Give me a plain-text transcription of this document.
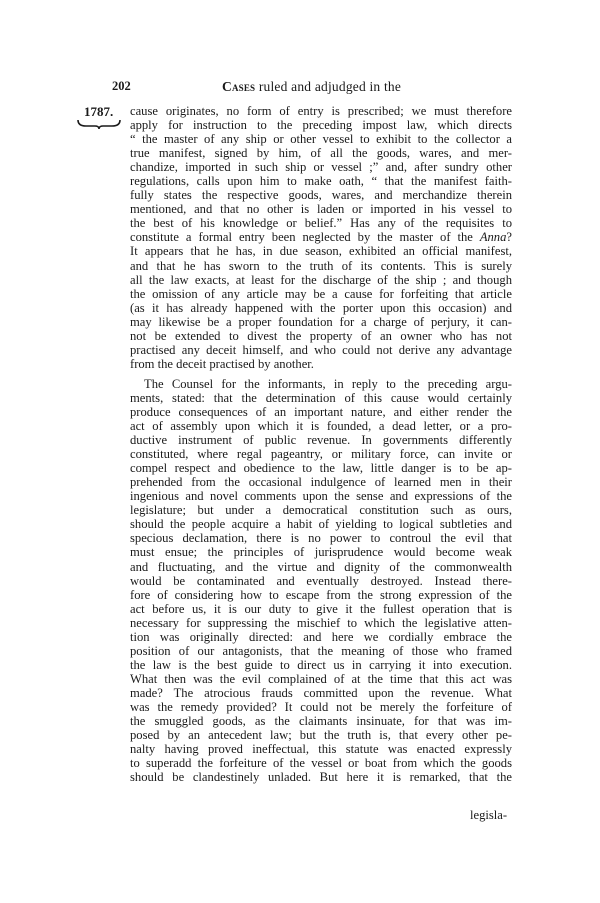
202	Cases ruled and adjudged in the
1787. cause originates, no form of entry is prescribed; we must therefore
apply for instruction to the preceding impost law, which directs
“ the master of any ship or other vessel to exhibit to the collector a
true manifest, signed by him, of all the goods, wares, and mer-
chandize, imported in such ship or vessel ;” and, after sundry other
regulations, calls upon him to make oath, “ that the manifest faith-
fully states the respective goods, wares, and merchandize therein
mentioned, and that no other is laden or imported in his vessel to
the best of his knowledge or belief.” Has any of the requisites to
constitute a formal entry been neglected by the master of the Anna?
It appears that he has, in due season, exhibited an official manifest,
and that he has sworn to the truth of its contents. This is surely
all the law exacts, at least for the discharge of the ship ; and though
the omission of any article may be a cause for forfeiting that article
(as it has already happened with the porter upon this occasion) and
may likewise be a proper foundation for a charge of perjury, it can-
not be extended to divest the property of an owner who has not
practised any deceit himself, and who could not derive any advantage
from the deceit practised by another.
The Counsel for the informants, in reply to the preceding argu-
ments, stated: that the determination of this cause would certainly
produce consequences of an important nature, and either render the
act of assembly upon which it is founded, a dead letter, or a pro-
ductive instrument of public revenue. In governments differently
constituted, where regal pageantry, or military force, can invite or
compel respect and obedience to the law, little danger is to be ap-
prehended from the occasional indulgence of learned men in their
ingenious and novel comments upon the sense and expressions of the
legislature; but under a democratical constitution such as ours,
should the people acquire a habit of yielding to logical subtleties and
specious declamation, there is no power to controul the evil that
must ensue; the principles of jurisprudence would become weak
and fluctuating, and the virtue and dignity of the commonwealth
would be contaminated and eventually destroyed. Instead there-
fore of considering how to escape from the strong expression of the
act before us, it is our duty to give it the fullest operation that is
necessary for suppressing the mischief to which the legislative atten-
tion was originally directed: and here we cordially embrace the
position of our antagonists, that the meaning of those who framed
the law is the best guide to direct us in carrying it into execution.
What then was the evil complained of at the time that this act was
made? The atrocious frauds committed upon the revenue. What
was the remedy provided? It could not be merely the forfeiture of
the smuggled goods, as the claimants insinuate, for that was im-
posed by an antecedent law; but the truth is, that every other pe-
nalty having proved ineffectual, this statute was enacted expressly
to superadd the forfeiture of the vessel or boat from which the goods
should be clandestinely unladed. But here it is remarked, that the
legisla-
